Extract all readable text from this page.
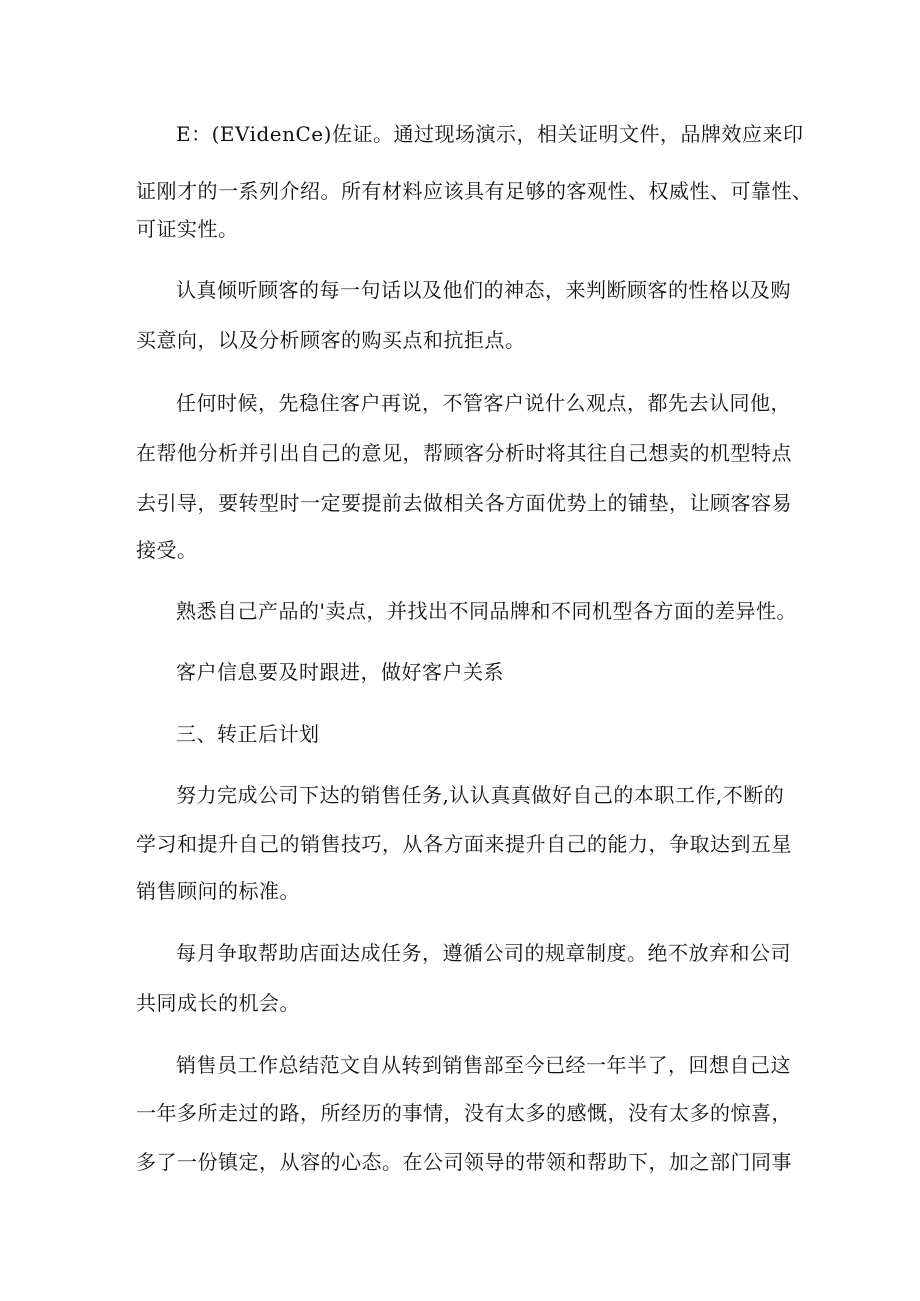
E：(EVidenCe)佐证。通过现场演示，相关证明文件，品牌效应来印
证刚才的一系列介绍。所有材料应该具有足够的客观性、权威性、可靠性、
可证实性。
认真倾听顾客的每一句话以及他们的神态，来判断顾客的性格以及购
买意向，以及分析顾客的购买点和抗拒点。
任何时候，先稳住客户再说，不管客户说什么观点，都先去认同他，
在帮他分析并引出自己的意见，帮顾客分析时将其往自己想卖的机型特点
去引导，要转型时一定要提前去做相关各方面优势上的铺垫，让顾客容易
接受。
熟悉自己产品的'卖点，并找出不同品牌和不同机型各方面的差异性。
客户信息要及时跟进，做好客户关系
三、转正后计划
努力完成公司下达的销售任务,认认真真做好自己的本职工作,不断的
学习和提升自己的销售技巧，从各方面来提升自己的能力，争取达到五星
销售顾问的标准。
每月争取帮助店面达成任务，遵循公司的规章制度。绝不放弃和公司
共同成长的机会。
销售员工作总结范文自从转到销售部至今已经一年半了，回想自己这
一年多所走过的路，所经历的事情，没有太多的感慨，没有太多的惊喜，
多了一份镇定，从容的心态。在公司领导的带领和帮助下，加之部门同事
